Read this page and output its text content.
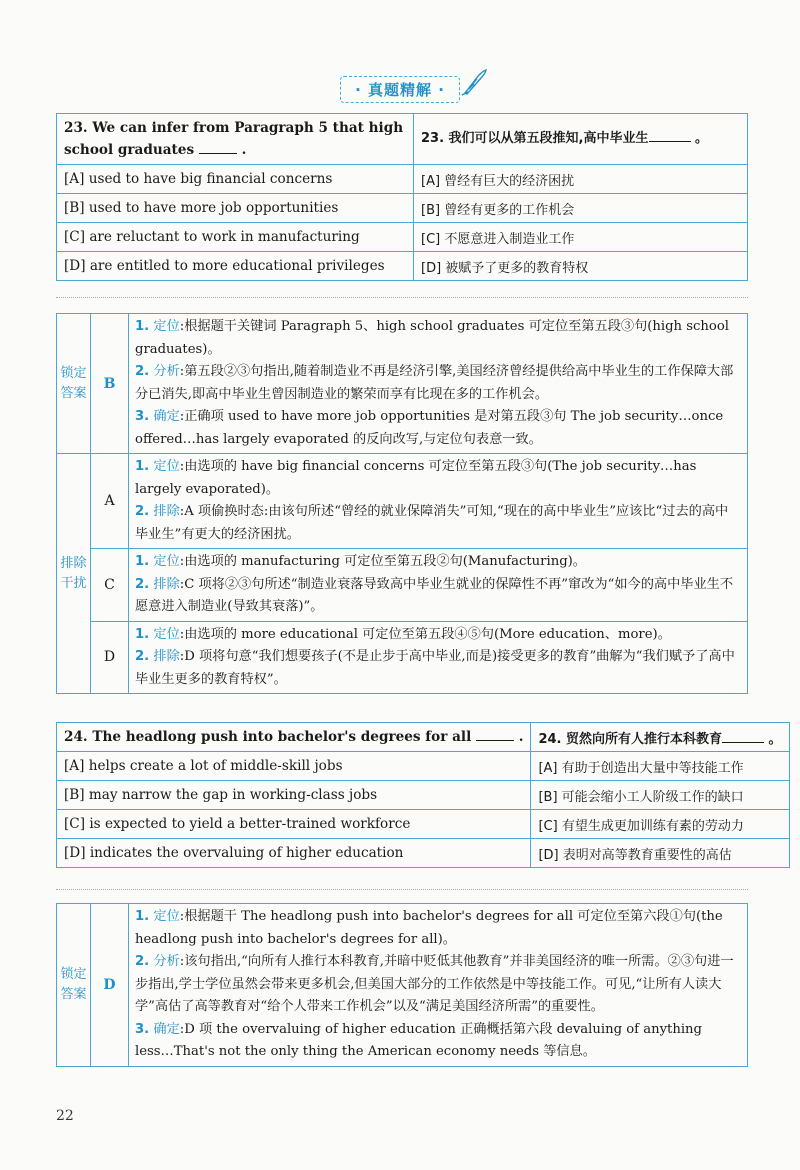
· 真题精解 ·
23. We can infer from Paragraph 5 that high school graduates .	23. 我们可以从第五段推知,高中毕业生 。
[A] used to have big financial concerns	[A] 曾经有巨大的经济困扰
[B] used to have more job opportunities	[B] 曾经有更多的工作机会
[C] are reluctant to work in manufacturing	[C] 不愿意进入制造业工作
[D] are entitled to more educational privileges	[D] 被赋予了更多的教育特权
锁定答案	B	1. 定位:根据题干关键词 Paragraph 5、high school graduates 可定位至第五段③句(high school graduates)。
2. 分析:第五段②③句指出,随着制造业不再是经济引擎,美国经济曾经提供给高中毕业生的工作保障大部分已消失,即高中毕业生曾因制造业的繁荣而享有比现在多的工作机会。
3. 确定:正确项 used to have more job opportunities 是对第五段③句 The job security…once offered…has largely evaporated 的反向改写,与定位句表意一致。

排除干扰	A	1. 定位:由选项的 have big financial concerns 可定位至第五段③句(The job security…has largely evaporated)。
2. 排除:A 项偷换时态:由该句所述“曾经的就业保障消失”可知,“现在的高中毕业生”应该比“过去的高中毕业生”有更大的经济困扰。

	C	1. 定位:由选项的 manufacturing 可定位至第五段②句(Manufacturing)。
2. 排除:C 项将②③句所述“制造业衰落导致高中毕业生就业的保障性不再”窜改为“如今的高中毕业生不愿意进入制造业(导致其衰落)”。

	D	1. 定位:由选项的 more educational 可定位至第五段④⑤句(More education、more)。
2. 排除:D 项将句意“我们想要孩子(不是止步于高中毕业,而是)接受更多的教育”曲解为“我们赋予了高中毕业生更多的教育特权”。
24. The headlong push into bachelor's degrees for all .	24. 贸然向所有人推行本科教育 。
[A] helps create a lot of middle-skill jobs	[A] 有助于创造出大量中等技能工作
[B] may narrow the gap in working-class jobs	[B] 可能会缩小工人阶级工作的缺口
[C] is expected to yield a better-trained workforce	[C] 有望生成更加训练有素的劳动力
[D] indicates the overvaluing of higher education	[D] 表明对高等教育重要性的高估
锁定答案	D	
1. 定位:根据题干 The headlong push into bachelor's degrees for all 可定位至第六段①句(the headlong push into bachelor's degrees for all)。
2. 分析:该句指出,“向所有人推行本科教育,并暗中贬低其他教育”并非美国经济的唯一所需。②③句进一步指出,学士学位虽然会带来更多机会,但美国大部分的工作依然是中等技能工作。可见,“让所有人读大学”高估了高等教育对“给个人带来工作机会”以及“满足美国经济所需”的重要性。
3. 确定:D 项 the overvaluing of higher education 正确概括第六段 devaluing of anything less…That's not the only thing the American economy needs 等信息。
22
